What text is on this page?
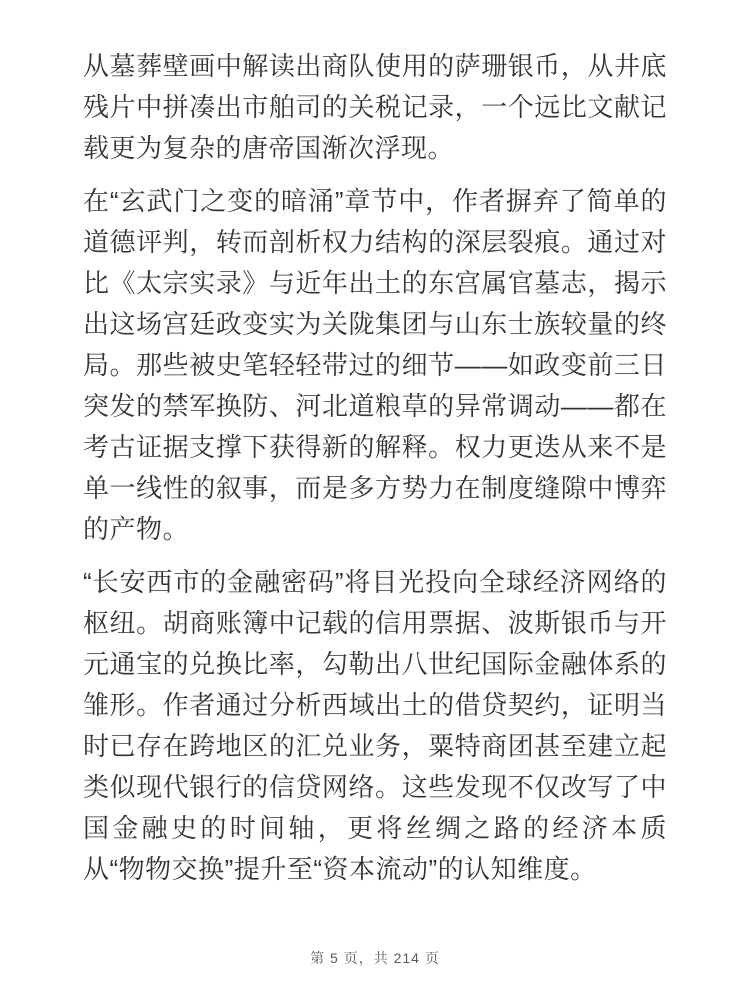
从墓葬壁画中解读出商队使用的萨珊银币，从井底残片中拼凑出市舶司的关税记录，一个远比文献记载更为复杂的唐帝国渐次浮现。

在“玄武门之变的暗涌”章节中，作者摒弃了简单的道德评判，转而剖析权力结构的深层裂痕。通过对比《太宗实录》与近年出土的东宫属官墓志，揭示出这场宫廷政变实为关陇集团与山东士族较量的终局。那些被史笔轻轻带过的细节——如政变前三日突发的禁军换防、河北道粮草的异常调动——都在考古证据支撑下获得新的解释。权力更迭从来不是单一线性的叙事，而是多方势力在制度缝隙中博弈的产物。

“长安西市的金融密码”将目光投向全球经济网络的枢纽。胡商账簿中记载的信用票据、波斯银币与开元通宝的兑换比率，勾勒出八世纪国际金融体系的雏形。作者通过分析西域出土的借贷契约，证明当时已存在跨地区的汇兑业务，粟特商团甚至建立起类似现代银行的信贷网络。这些发现不仅改写了中国金融史的时间轴，更将丝绸之路的经济本质从“物物交换”提升至“资本流动”的认知维度。

第 5 页，共 214 页
